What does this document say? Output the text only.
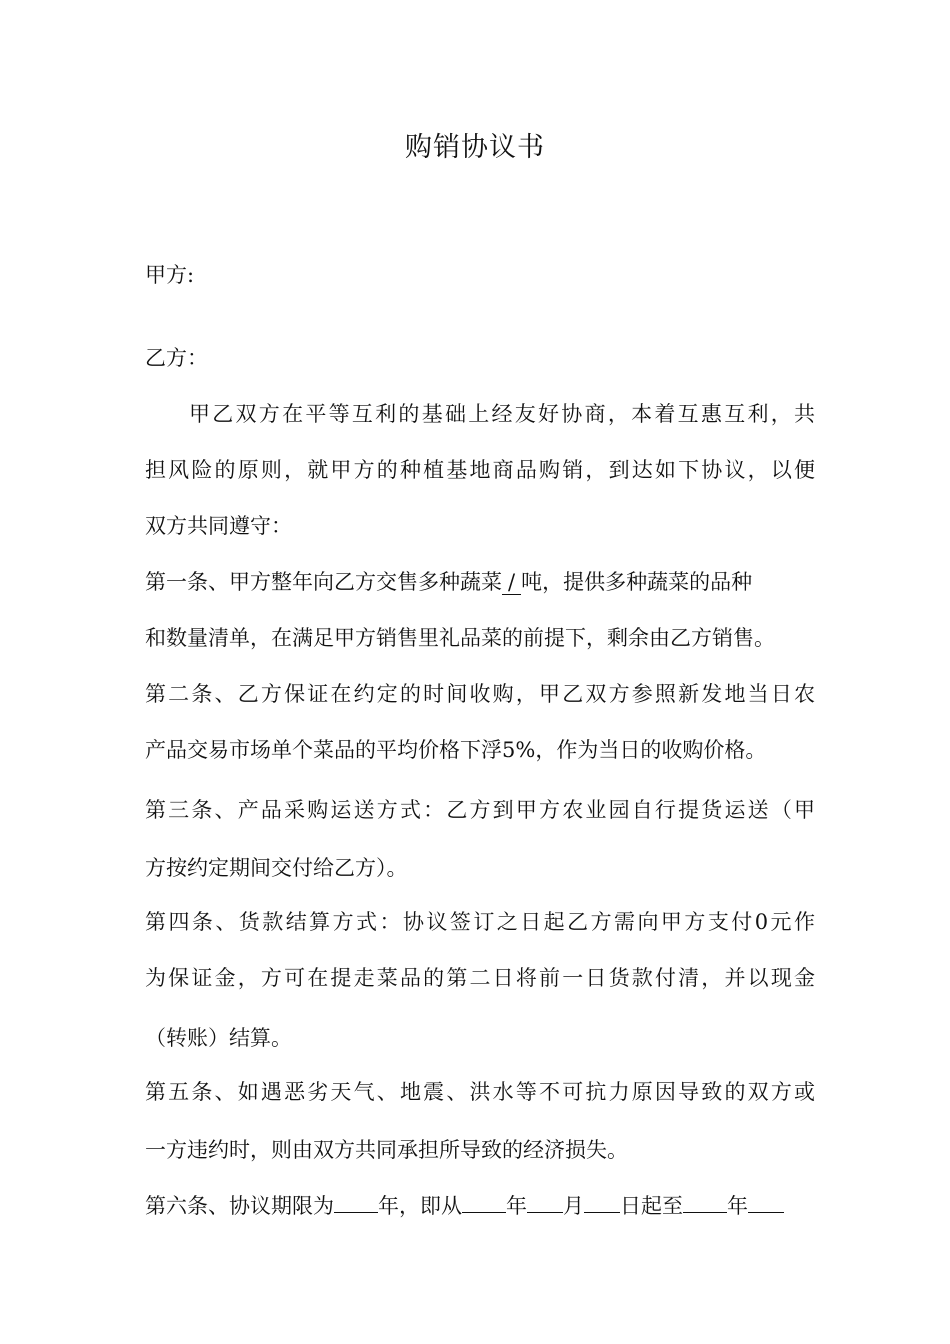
购销协议书
甲方:
乙方：
甲乙双方在平等互利的基础上经友好协商，本着互惠互利，共
担风险的原则，就甲方的种植基地商品购销，到达如下协议，以便
双方共同遵守：
第一条、甲方整年向乙方交售多种蔬菜 / 吨，提供多种蔬菜的品种
和数量清单，在满足甲方销售里礼品菜的前提下，剩余由乙方销售。
第二条、乙方保证在约定的时间收购，甲乙双方参照新发地当日农
产品交易市场单个菜品的平均价格下浮5%，作为当日的收购价格。
第三条、产品采购运送方式：乙方到甲方农业园自行提货运送（甲
方按约定期间交付给乙方）。
第四条、货款结算方式：协议签订之日起乙方需向甲方支付0元作
为保证金，方可在提走菜品的第二日将前一日货款付清，并以现金
（转账）结算。
第五条、如遇恶劣天气、地震、洪水等不可抗力原因导致的双方或
一方违约时，则由双方共同承担所导致的经济损失。
第六条、协议期限为 年，即从 年 月 日起至 年
